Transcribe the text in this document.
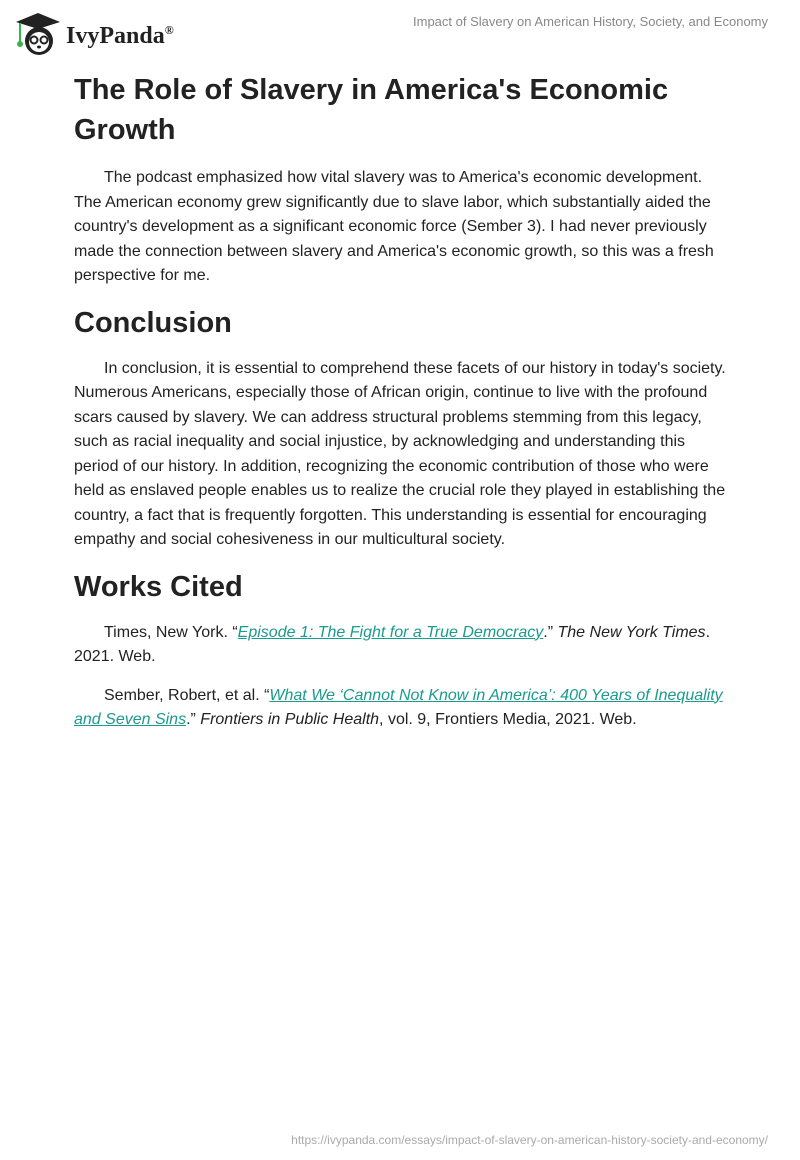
IvyPanda®
Impact of Slavery on American History, Society, and Economy
The Role of Slavery in America's Economic Growth

The podcast emphasized how vital slavery was to America's economic development. The American economy grew significantly due to slave labor, which substantially aided the country's development as a significant economic force (Sember 3). I had never previously made the connection between slavery and America's economic growth, so this was a fresh perspective for me.

Conclusion

In conclusion, it is essential to comprehend these facets of our history in today's society. Numerous Americans, especially those of African origin, continue to live with the profound scars caused by slavery. We can address structural problems stemming from this legacy, such as racial inequality and social injustice, by acknowledging and understanding this period of our history. In addition, recognizing the economic contribution of those who were held as enslaved people enables us to realize the crucial role they played in establishing the country, a fact that is frequently forgotten. This understanding is essential for encouraging empathy and social cohesiveness in our multicultural society.

Works Cited

Times, New York. “Episode 1: The Fight for a True Democracy.” The New York Times. 2021. Web.

Sember, Robert, et al. “What We ‘Cannot Not Know in America’: 400 Years of Inequality and Seven Sins.” Frontiers in Public Health, vol. 9, Frontiers Media, 2021. Web.

https://ivypanda.com/essays/impact-of-slavery-on-american-history-society-and-economy/
